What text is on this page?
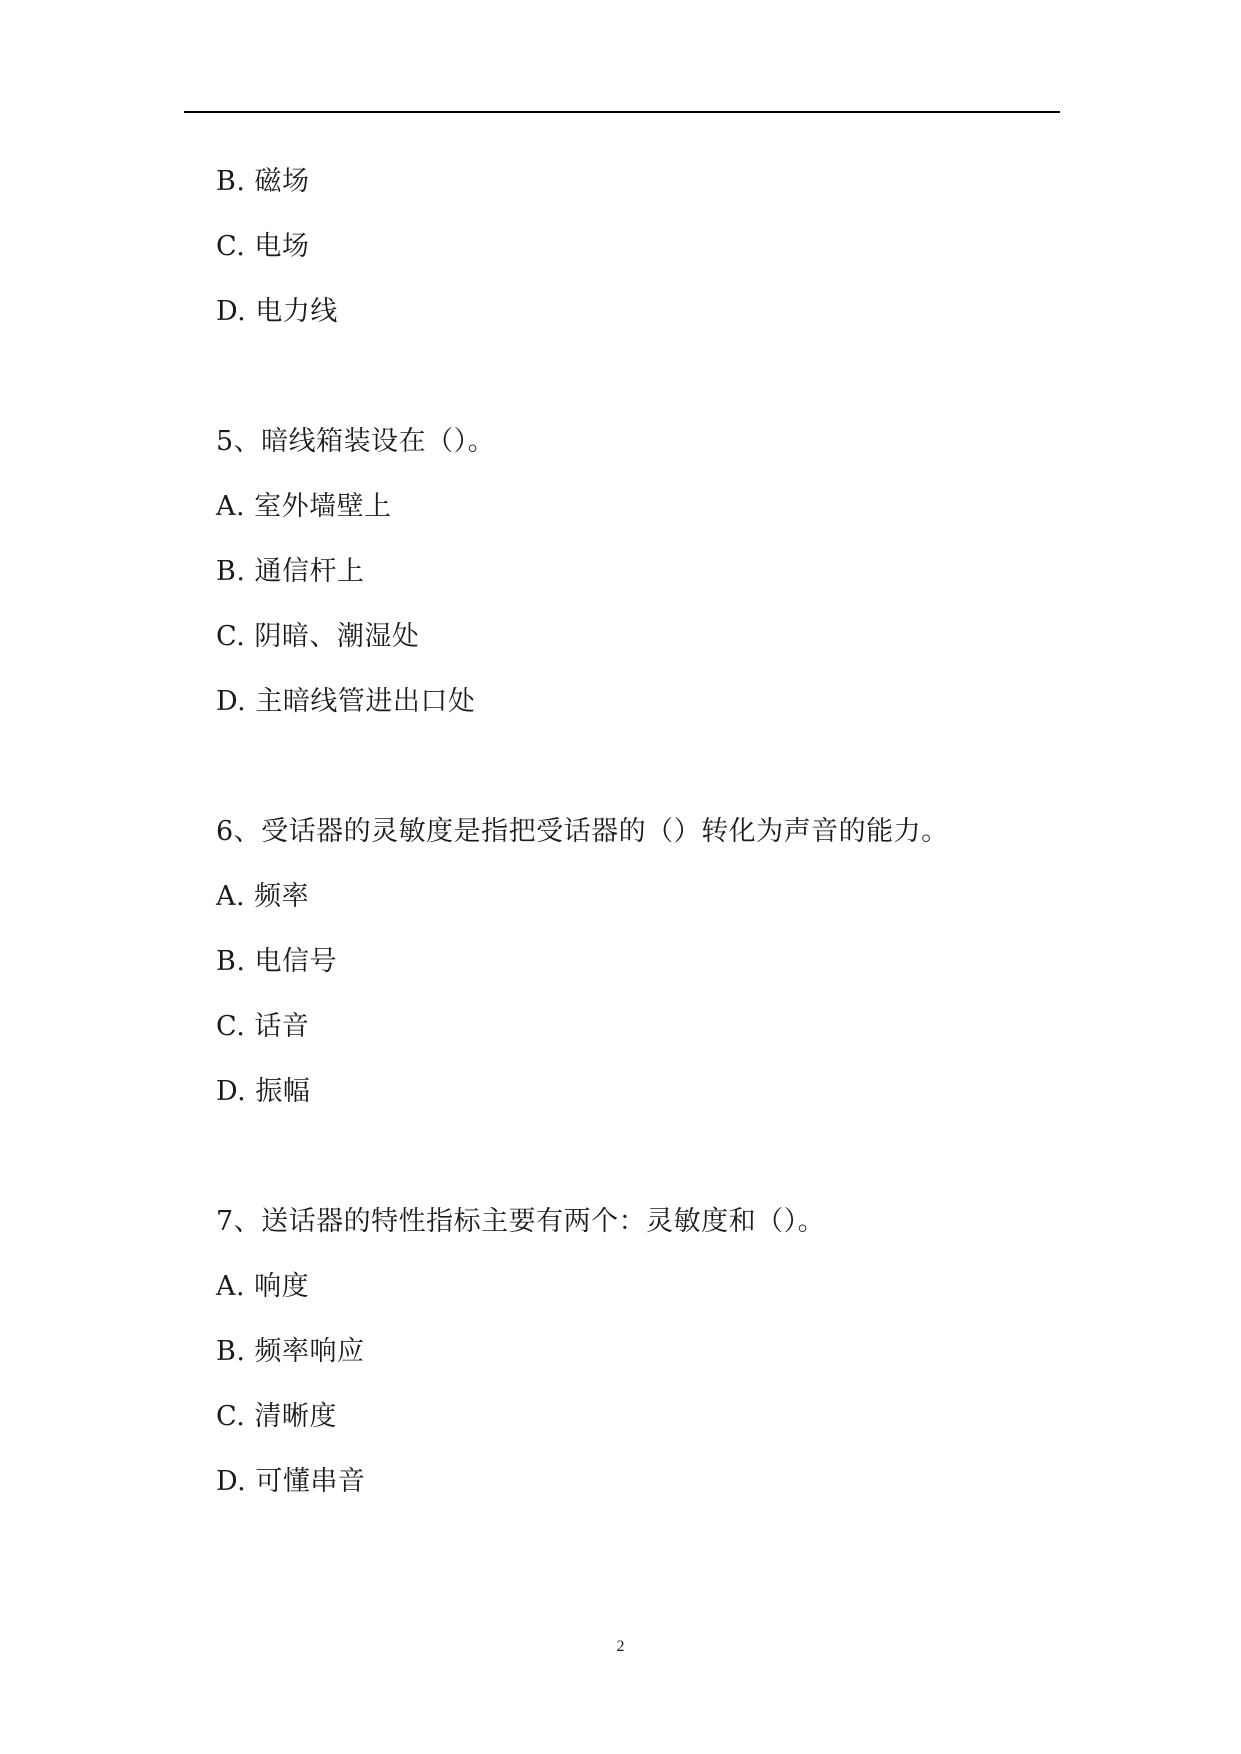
B. 磁场
C. 电场
D. 电力线
5、暗线箱装设在（）。
A. 室外墙壁上
B. 通信杆上
C. 阴暗、潮湿处
D. 主暗线管进出口处
6、受话器的灵敏度是指把受话器的（）转化为声音的能力。
A. 频率
B. 电信号
C. 话音
D. 振幅
7、送话器的特性指标主要有两个：灵敏度和（）。
A. 响度
B. 频率响应
C. 清晰度
D. 可懂串音
2
